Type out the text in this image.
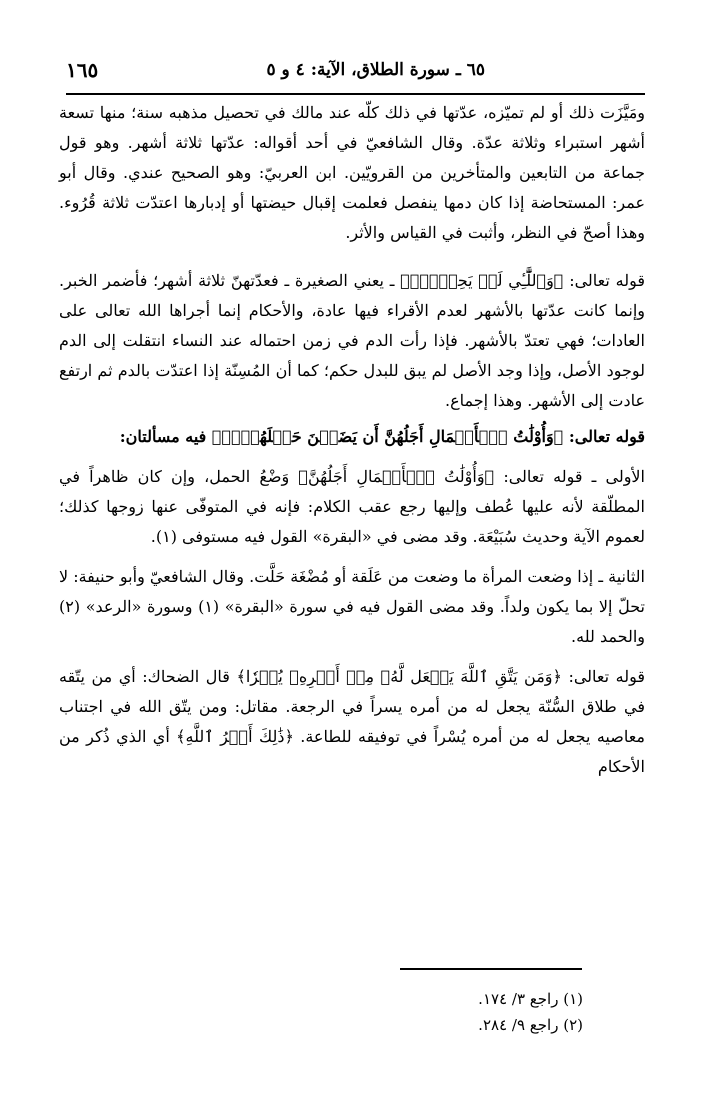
٦٥ ـ سورة الطلاق، الآية: ٤ و ٥
١٦٥

ومَيَّزَت ذلك أو لم تميّزه، عدّتها في ذلك كلّه عند مالك في تحصيل مذهبه سنة؛ منها تسعة أشهر استبراء وثلاثة عدّة. وقال الشافعيّ في أحد أقواله: عدّتها ثلاثة أشهر. وهو قول جماعة من التابعين والمتأخرين من القرويّين. ابن العربيّ: وهو الصحيح عندي. وقال أبو عمر: المستحاضة إذا كان دمها ينفصل فعلمت إقبال حيضتها أو إدبارها اعتدّت ثلاثة قُرُوء. وهذا أصحّ في النظر، وأثبت في القياس والأثر.

قوله تعالى: ﴿وَٱللَّٰٓـِٔي لَمۡ يَحِضۡنَۚ﴾ ـ يعني الصغيرة ـ فعدّتهنّ ثلاثة أشهر؛ فأضمر الخبر. وإنما كانت عدّتها بالأشهر لعدم الأقراء فيها عادة، والأحكام إنما أجراها الله تعالى على العادات؛ فهي تعتدّ بالأشهر. فإذا رأت الدم في زمن احتماله عند النساء انتقلت إلى الدم لوجود الأصل، وإذا وجد الأصل لم يبق للبدل حكم؛ كما أن المُسِنّة إذا اعتدّت بالدم ثم ارتفع عادت إلى الأشهر. وهذا إجماع.

قوله تعالى: ﴿وَأُوْلَٰتُ ٱلۡأَحۡمَالِ أَجَلُهُنَّ أَن يَضَعۡنَ حَمۡلَهُنَّۚ﴾ فيه مسألتان:

الأولى ـ قوله تعالى: ﴿وَأُوْلَٰتُ ٱلۡأَحۡمَالِ أَجَلُهُنَّ﴾ وَضْعُ الحمل، وإن كان ظاهراً في المطلّقة لأنه عليها عُطف وإليها رجع عقب الكلام: فإنه في المتوفّى عنها زوجها كذلك؛ لعموم الآية وحديث سُبَيْعَة. وقد مضى في «البقرة» القول فيه مستوفى (١).

الثانية ـ إذا وضعت المرأة ما وضعت من عَلَقة أو مُضْغَة حَلَّت. وقال الشافعيّ وأبو حنيفة: لا تحلّ إلا بما يكون ولداً. وقد مضى القول فيه في سورة «البقرة» (١) وسورة «الرعد» (٢) والحمد لله.

قوله تعالى: ﴿وَمَن يَتَّقِ ٱللَّهَ يَجۡعَل لَّهُۥ مِنۡ أَمۡرِهِۦ يُسۡرٗا﴾ قال الضحاك: أي من يتّقه في طلاق السُّنّة يجعل له من أمره يسراً في الرجعة. مقاتل: ومن يتّق الله في اجتناب معاصيه يجعل له من أمره يُسْراً في توفيقه للطاعة. ﴿ذَٰلِكَ أَمۡرُ ٱللَّهِ﴾ أي الذي ذُكر من الأحكام

(١) راجع ٣/ ١٧٤.
(٢) راجع ٩/ ٢٨٤.
